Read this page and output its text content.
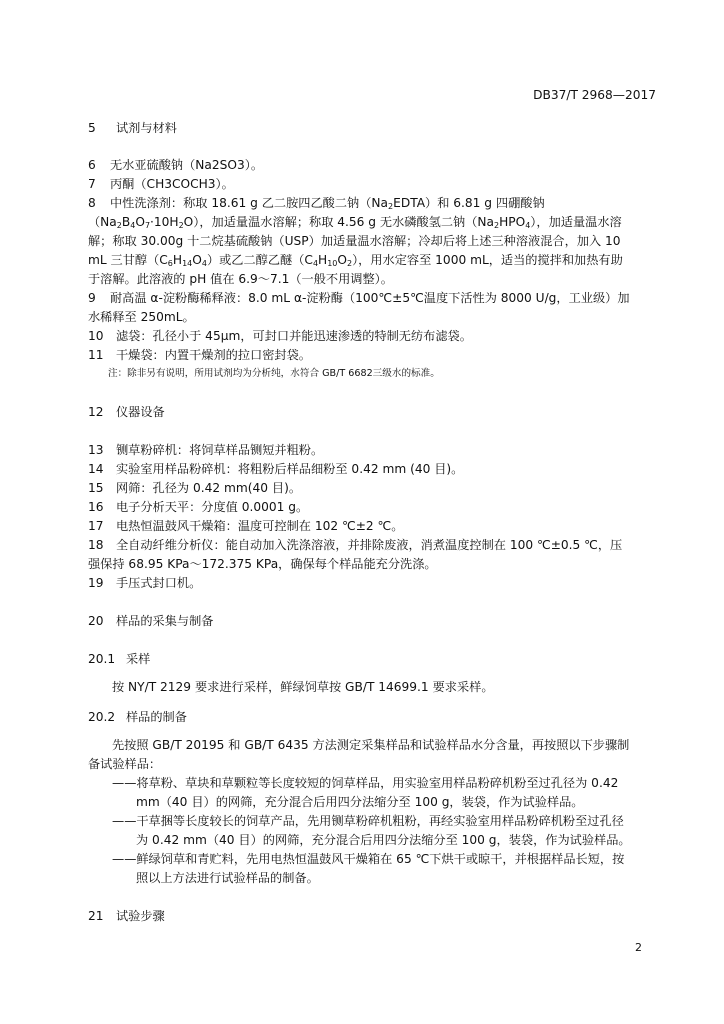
DB37/T 2968—2017
5 试剂与材料
6 无水亚硫酸钠（Na2SO3）。
7 丙酮（CH3COCH3）。
8 中性洗涤剂：称取 18.61 g 乙二胺四乙酸二钠$(Na_2EDTA)$和 6.81 g 四硼酸钠
$(Na_2B_4O_7\cdot 10H_2O)$，加适量温水溶解；称取 4.56 g 无水磷酸氢二钠$(Na_2HPO_4)$，加适量温水溶
解；称取 30.00g 十二烷基硫酸钠（USP）加适量温水溶解；冷却后将上述三种溶液混合，加入 10
mL 三甘醇$(C_6H_{14}O_4)$或乙二醇乙醚$(C_4H_{10}O_2)$，用水定容至 1000 mL，适当的搅拌和加热有助
于溶解。此溶液的 pH 值在 6.9～7.1（一般不用调整）。
9 耐高温 α-淀粉酶稀释液：8.0 mL α-淀粉酶（100℃±5℃温度下活性为 8000 U/g，工业级）加
水稀释至 250mL。
10 滤袋：孔径小于 45μm，可封口并能迅速渗透的特制无纺布滤袋。
11 干燥袋：内置干燥剂的拉口密封袋。
注：除非另有说明，所用试剂均为分析纯，水符合 GB/T 6682三级水的标准。
12 仪器设备
13 铡草粉碎机：将饲草样品铡短并粗粉。
14 实验室用样品粉碎机：将粗粉后样品细粉至 0.42 mm (40 目)。
15 网筛：孔径为 0.42 mm(40 目)。
16 电子分析天平：分度值 0.0001 g。
17 电热恒温鼓风干燥箱：温度可控制在 102 ℃±2 ℃。
18 全自动纤维分析仪：能自动加入洗涤溶液，并排除废液，消煮温度控制在 100 ℃±0.5 ℃，压
强保持 68.95 KPa～172.375 KPa，确保每个样品能充分洗涤。
19 手压式封口机。
20 样品的采集与制备
20.1 采样
按 NY/T 2129 要求进行采样，鲜绿饲草按 GB/T 14699.1 要求采样。
20.2 样品的制备
先按照 GB/T 20195 和 GB/T 6435 方法测定采集样品和试验样品水分含量，再按照以下步骤制
备试验样品：
——将草粉、草块和草颗粒等长度较短的饲草样品，用实验室用样品粉碎机粉至过孔径为 0.42
mm（40 目）的网筛，充分混合后用四分法缩分至 100 g，装袋，作为试验样品。
——干草捆等长度较长的饲草产品，先用铡草粉碎机粗粉，再经实验室用样品粉碎机粉至过孔径
为 0.42 mm（40 目）的网筛，充分混合后用四分法缩分至 100 g，装袋，作为试验样品。
——鲜绿饲草和青贮料，先用电热恒温鼓风干燥箱在 65 ℃下烘干或晾干，并根据样品长短，按
照以上方法进行试验样品的制备。
21 试验步骤
2
